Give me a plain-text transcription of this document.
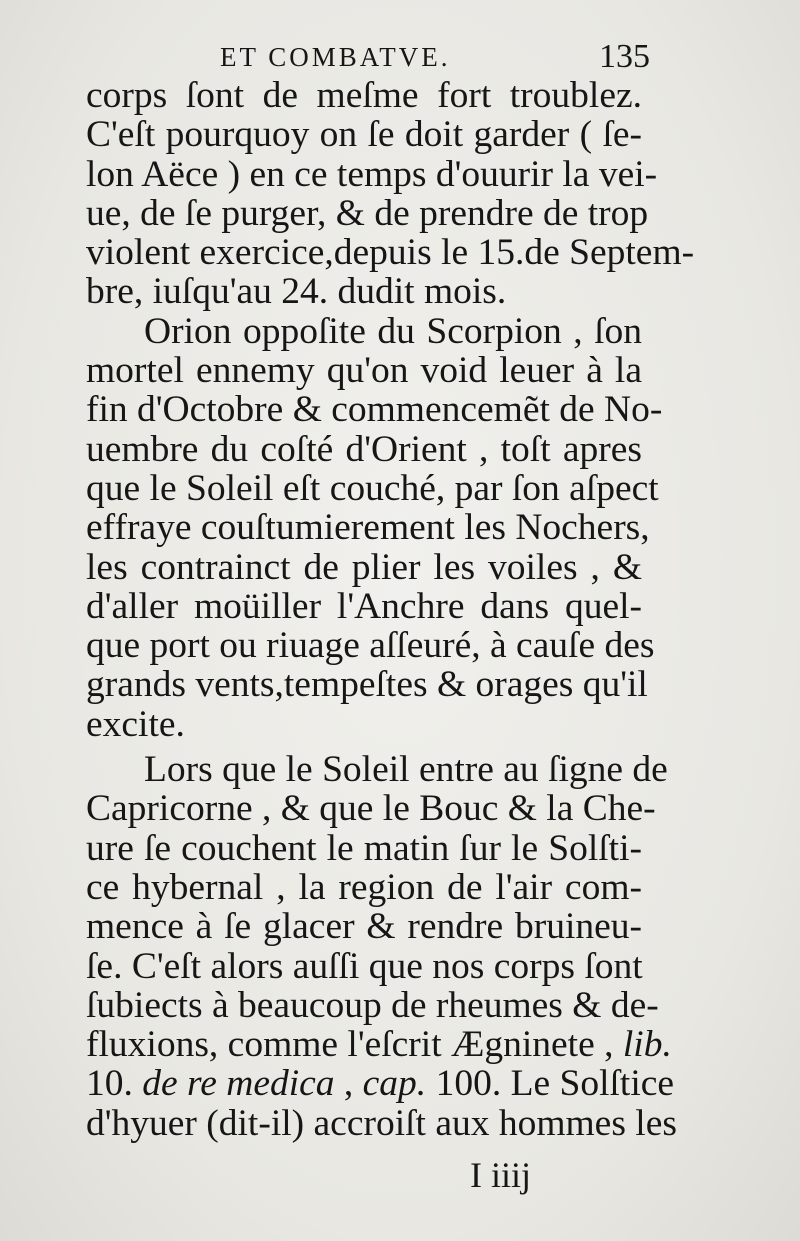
ET COMBATVE.	135
corps ſont de meſme fort troublez.
C'eſt pourquoy on ſe doit garder ( ſe-
lon Aëce ) en ce temps d'ouurir la vei-
ue, de ſe purger, & de prendre de trop
violent exercice,depuis le 15.de Septem-
bre, iuſqu'au 24. dudit mois.
Orion oppoſite du Scorpion , ſon
mortel ennemy qu'on void leuer à la
fin d'Octobre & commencemẽt de No-
uembre du coſté d'Orient , toſt apres
que le Soleil eſt couché, par ſon aſpect
effraye couſtumierement les Nochers,
les contrainct de plier les voiles , &
d'aller moüiller l'Anchre dans quel-
que port ou riuage aſſeuré, à cauſe des
grands vents,tempeſtes & orages qu'il
excite.
Lors que le Soleil entre au ſigne de
Capricorne , & que le Bouc & la Che-
ure ſe couchent le matin ſur le Solſti-
ce hybernal , la region de l'air com-
mence à ſe glacer & rendre bruineu-
ſe. C'eſt alors auſſi que nos corps ſont
ſubiects à beaucoup de rheumes & de-
fluxions, comme l'eſcrit Ægninete , lib.
10. de re medica , cap. 100. Le Solſtice
d'hyuer (dit-il) accroiſt aux hommes les
I iiij
